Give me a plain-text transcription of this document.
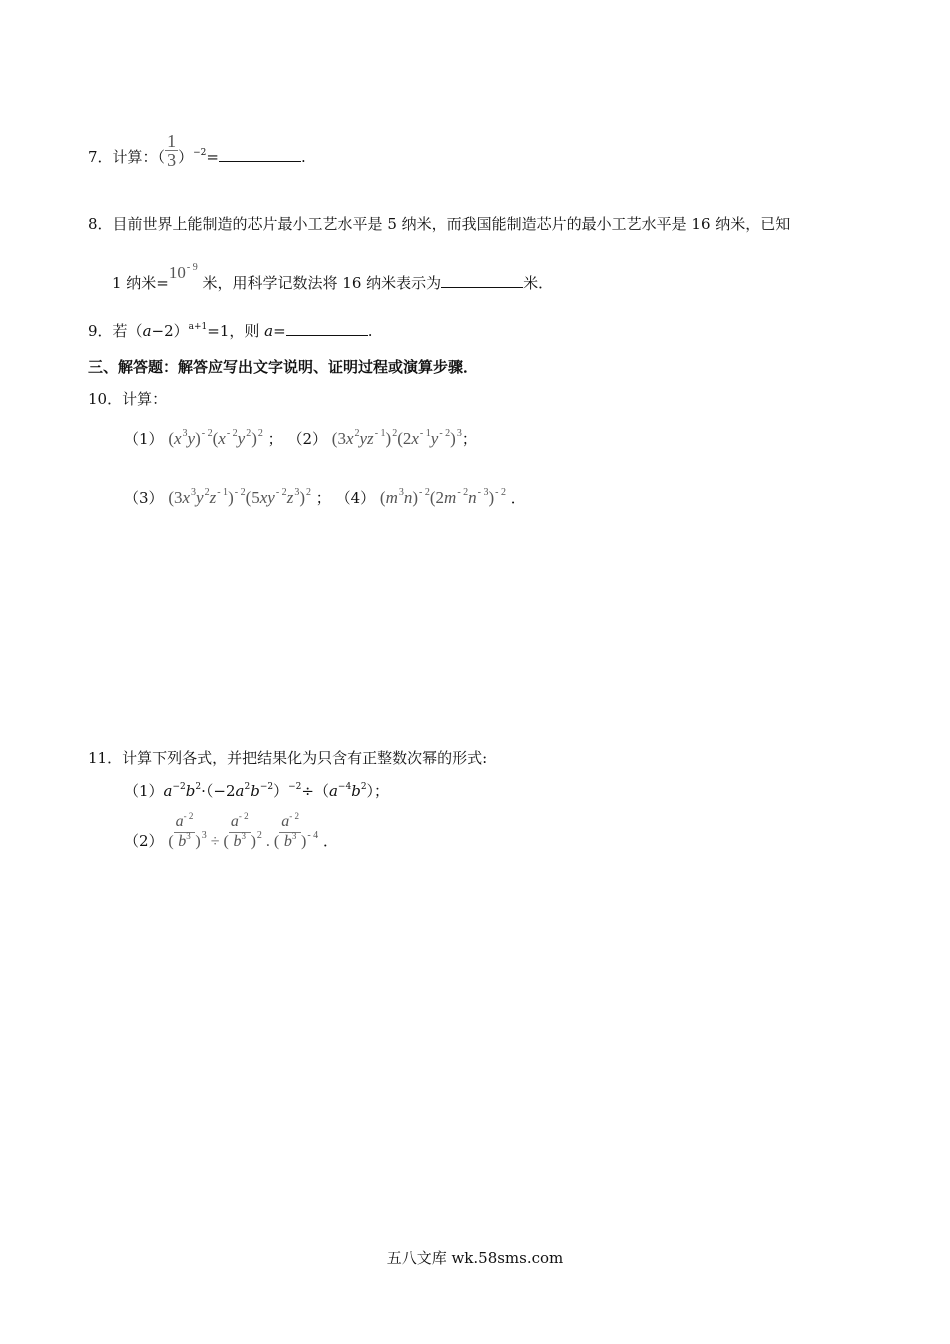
7．计算：（ $\frac{1}{3} )^{-2}=$	.
8．目前世界上能制造的芯片最小工艺水平是 5 纳米，而我国能制造芯片的最小工艺水平是 16 纳米，已知
1 纳米$=10^{- 9}$ 米，用科学记数法将 16 纳米表示为	米．
9．若$(a-2)^{a+1}=1$，则 a=	.
三、解答题：解答应写出文字说明、证明过程或演算步骤．
10．计算：
（1） $(x^3y)^{- 2}(x^{- 2}y^2)^2$ ； （2） $(3x^2yz^{- 1})^2(2x^{- 1}y^{- 2})^3$；
（3） $(3x^3y^2z^{- 1})^{- 2}(5xy^{- 2}z^3)^2$ ； （4） $(m^3n)^{- 2}(2m^{- 2}n^{- 3})^{- 2}$ ．
11．计算下列各式，并把结果化为只含有正整数次幂的形式:
$(1)a^{-2}b^2\cdot(-2a^2b^{-2})^{-2}\div(a^{-4}b^2)$；
（2） ( $\frac{a^{- 2}}{b^3} )^3$ ÷ ( $\frac{a^{- 2}}{b^3} )^2$ . ( $\frac{a^{- 2}}{b^3} )^{- 4}$ ．
五八文库 wk.58sms.com
